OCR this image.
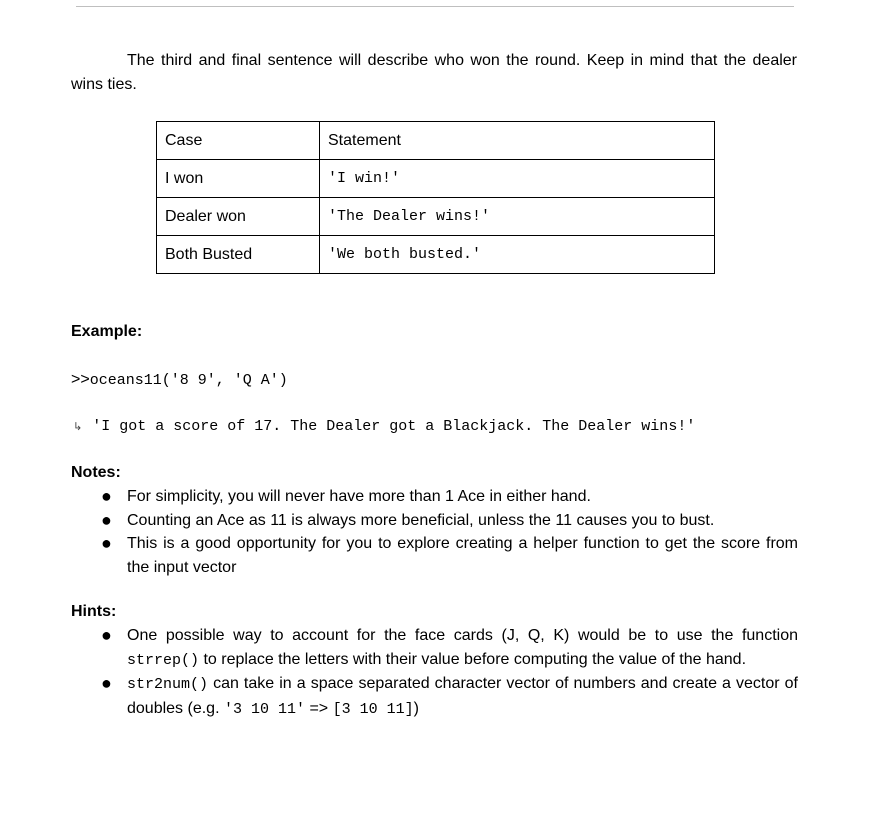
The third and final sentence will describe who won the round. Keep in mind that the dealer wins ties.

Case	Statement
I won	'I win!'
Dealer won	'The Dealer wins!'
Both Busted	'We both busted.'

Example:

>>oceans11('8 9', 'Q A')
↳ 'I got a score of 17. The Dealer got a Blackjack. The Dealer wins!'

Notes:

● For simplicity, you will never have more than 1 Ace in either hand.
● Counting an Ace as 11 is always more beneficial, unless the 11 causes you to bust.
● This is a good opportunity for you to explore creating a helper function to get the score from the input vector

Hints:

● One possible way to account for the face cards (J, Q, K) would be to use the function strrep() to replace the letters with their value before computing the value of the hand.
● str2num() can take in a space separated character vector of numbers and create a vector of doubles (e.g. '3 10 11' => [3 10 11])
